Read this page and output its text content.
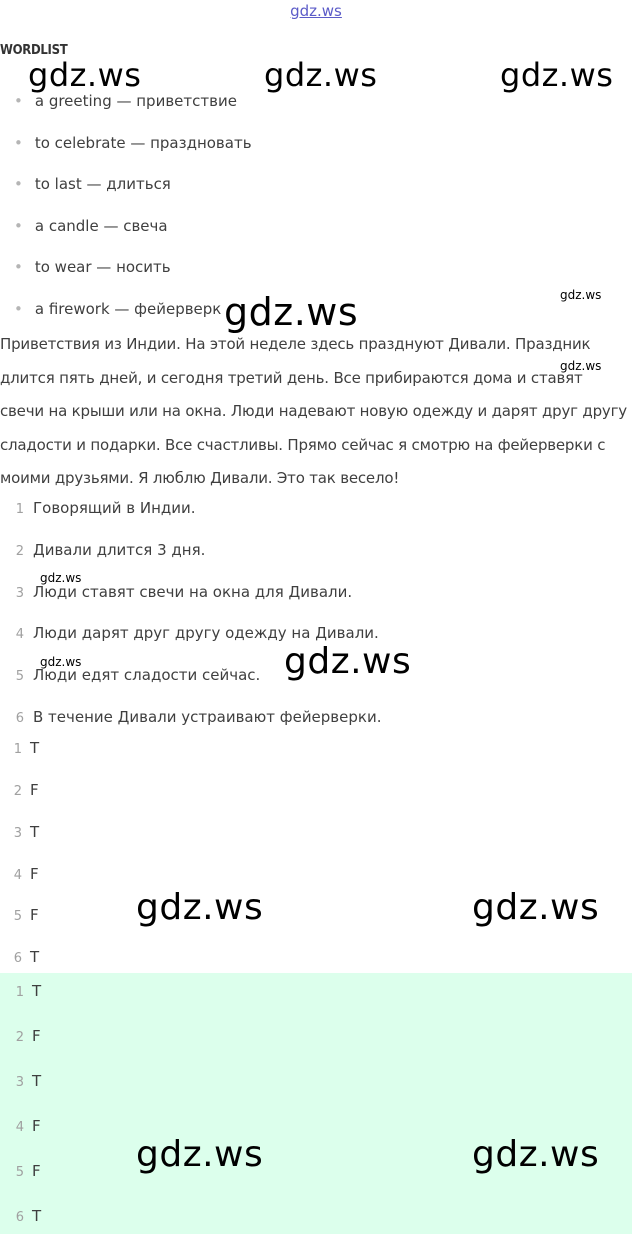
gdz.ws
WORDLIST
• a greeting — приветствие
• to celebrate — праздновать
• to last — длиться
• a candle — свеча
• to wear — носить
• a firework — фейерверк
Приветствия из Индии. На этой неделе здесь празднуют Дивали. Праздник
длится пять дней, и сегодня третий день. Все прибираются дома и ставят
свечи на крыши или на окна. Люди надевают новую одежду и дарят друг другу
сладости и подарки. Все счастливы. Прямо сейчас я смотрю на фейерверки с
моими друзьями. Я люблю Дивали. Это так весело!
1 Говорящий в Индии.
2 Дивали длится 3 дня.
3 Люди ставят свечи на окна для Дивали.
4 Люди дарят друг другу одежду на Дивали.
5 Люди едят сладости сейчас.
6 В течение Дивали устраивают фейерверки.
1 T
2 F
3 T
4 F
5 F
6 T
1 T
2 F
3 T
4 F
5 F
6 T
gdz.ws	gdz.ws	gdz.ws
gdz.ws	gdz.ws
gdz.ws
gdz.ws
gdz.ws	gdz.ws
gdz.ws	gdz.ws
gdz.ws	gdz.ws
